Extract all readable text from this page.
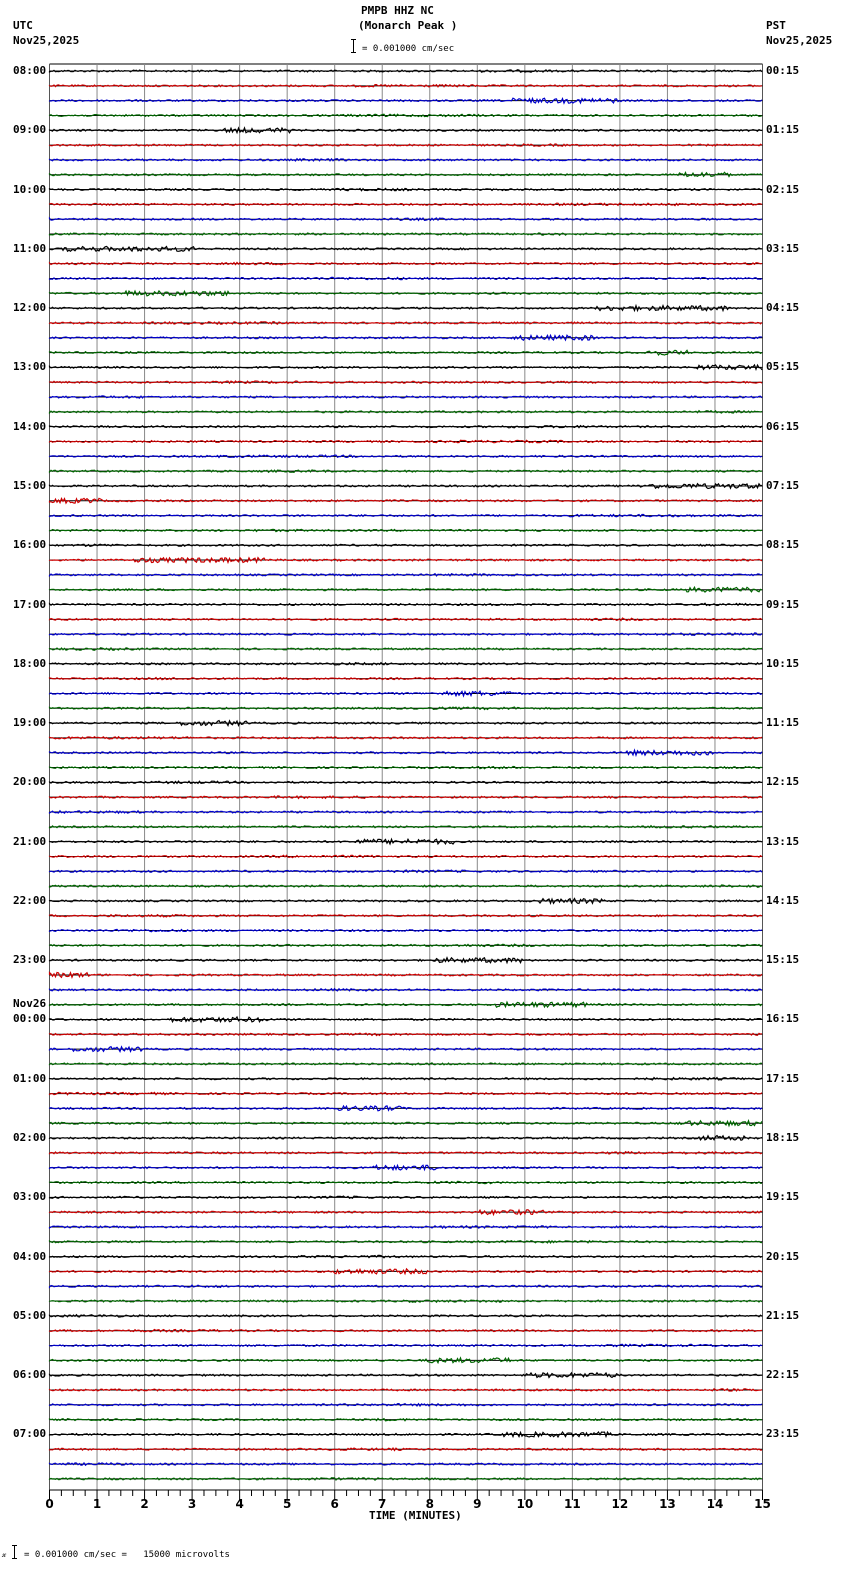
PMPB HHZ NC
(Monarch Peak )
UTC
Nov25,2025
PST
Nov25,2025
= 0.001000 cm/sec
08:00	00:15
09:00	01:15
10:00	02:15
11:00	03:15
12:00	04:15
13:00	05:15
14:00	06:15
15:00	07:15
16:00	08:15
17:00	09:15
18:00	10:15
19:00	11:15
20:00	12:15
21:00	13:15
22:00	14:15
23:00	15:15
00:00	16:15
Nov26
01:00	17:15
02:00	18:15
03:00	19:15
04:00	20:15
05:00	21:15
06:00	22:15
07:00	23:15
0	1	2	3	4	5	6	7	8	9	10	11	12	13	14	15
TIME (MINUTES)
𝓍 = 0.001000 cm/sec =   15000 microvolts
